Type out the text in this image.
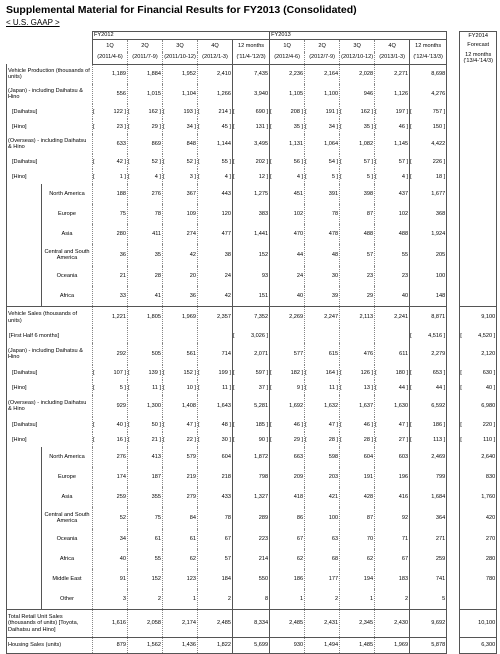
Supplemental Material for Financial Results for FY2013 (Consolidated)
< U.S. GAAP >
		FY2012										FY2013											FY2014	
		1Q		2Q		3Q		4Q		12 months		1Q		2Q		3Q		4Q		12 months			Forecast	
		(2011/4-6)		(2011/7-9)		(2011/10-12)		(2012/1-3)		('11/4-'12/3)		(2012/4-6)		(2012/7-9)		(2012/10-12)		(2013/1-3)		('12/4-'13/3)			12 months
('13/4-'14/3)	

Vehicle Production (thousands of units)			1,189		1,884		1,952		2,410		7,435		2,236		2,164		2,028		2,271		8,698			
(Japan) - including Daihatsu & Hino			556		1,015		1,104		1,266		3,940		1,105		1,100		946		1,126		4,276			
[Daihatsu]		[	122 ]	[	162 ]	[	193 ]	[	214 ]	[	690 ]	[	208 ]	[	191 ]	[	162 ]	[	197 ]	[	757 ]			
[Hino]		[	23 ]	[	29 ]	[	34 ]	[	45 ]	[	131 ]	[	35 ]	[	34 ]	[	35 ]	[	46 ]	[	150 ]			
(Overseas) - including Daihatsu & Hino			633		869		848		1,144		3,495		1,131		1,064		1,082		1,145		4,422			
[Daihatsu]		[	42 ]	[	52 ]	[	52 ]	[	55 ]	[	202 ]	[	56 ]	[	54 ]	[	57 ]	[	57 ]	[	226 ]			
[Hino]		[	1 ]	[	4 ]	[	3 ]	[	4 ]	[	12 ]	[	4 ]	[	5 ]	[	5 ]	[	4 ]	[	18 ]			
	North America		188		276		367		443		1,275		451		391		398		437		1,677			
	Europe		75		78		109		120		383		102		78		87		102		368			
	Asia		280		411		274		477		1,441		470		478		488		488		1,924			
	Central and South America		36		35		42		38		152		44		48		57		55		205			
	Oceania		21		28		20		24		93		24		30		23		23		100			
	Africa		33		41		36		42		151		40		39		29		40		148			
Vehicle Sales (thousands of units)			1,221		1,805		1,969		2,357		7,352		2,269		2,247		2,113		2,241		8,871			9,100
[First Half 6 months]										[	3,026 ]									[	4,516 ]		[	4,520 ]
(Japan) - including Daihatsu & Hino			292		505		561		714		2,071		577		615		476		611		2,279			2,120
[Daihatsu]		[	107 ]	[	139 ]	[	152 ]	[	199 ]	[	597 ]	[	182 ]	[	164 ]	[	126 ]	[	180 ]	[	653 ]		[	630 ]
[Hino]		[	5 ]	[	11 ]	[	10 ]	[	11 ]	[	37 ]	[	9 ]	[	11 ]	[	13 ]	[	44 ]	[	44 ]		[	40 ]
(Overseas) - including Daihatsu & Hino			929		1,300		1,408		1,643		5,281		1,692		1,632		1,637		1,630		6,592			6,980
[Daihatsu]		[	40 ]	[	50 ]	[	47 ]	[	48 ]	[	185 ]	[	46 ]	[	47 ]	[	46 ]	[	47 ]	[	186 ]		[	220 ]
[Hino]		[	16 ]	[	21 ]	[	22 ]	[	30 ]	[	90 ]	[	29 ]	[	28 ]	[	28 ]	[	27 ]	[	113 ]		[	110 ]
	North America		276		413		579		604		1,872		663		598		604		603		2,469			2,640
	Europe		174		187		219		218		798		209		203		191		196		799			830
	Asia		259		355		279		433		1,327		418		421		428		416		1,684			1,760
	Central and South America		52		75		84		78		289		86		100		87		92		364			420
	Oceania		34		61		61		67		223		67		63		70		71		271			270
	Africa		40		55		62		57		214		62		68		62		67		259			280
	Middle East		91		152		123		184		550		186		177		194		183		741			780
	Other		3		2		1		2		8		1		2		1		2		5			
Total Retail Unit Sales (thousands of units) [Toyota, Daihatsu and Hino]			1,616		2,058		2,174		2,485		8,334		2,485		2,431		2,345		2,430		9,692			10,100
Housing Sales (units)			879		1,562		1,436		1,822		5,699		930		1,494		1,485		1,969		5,878			6,300
